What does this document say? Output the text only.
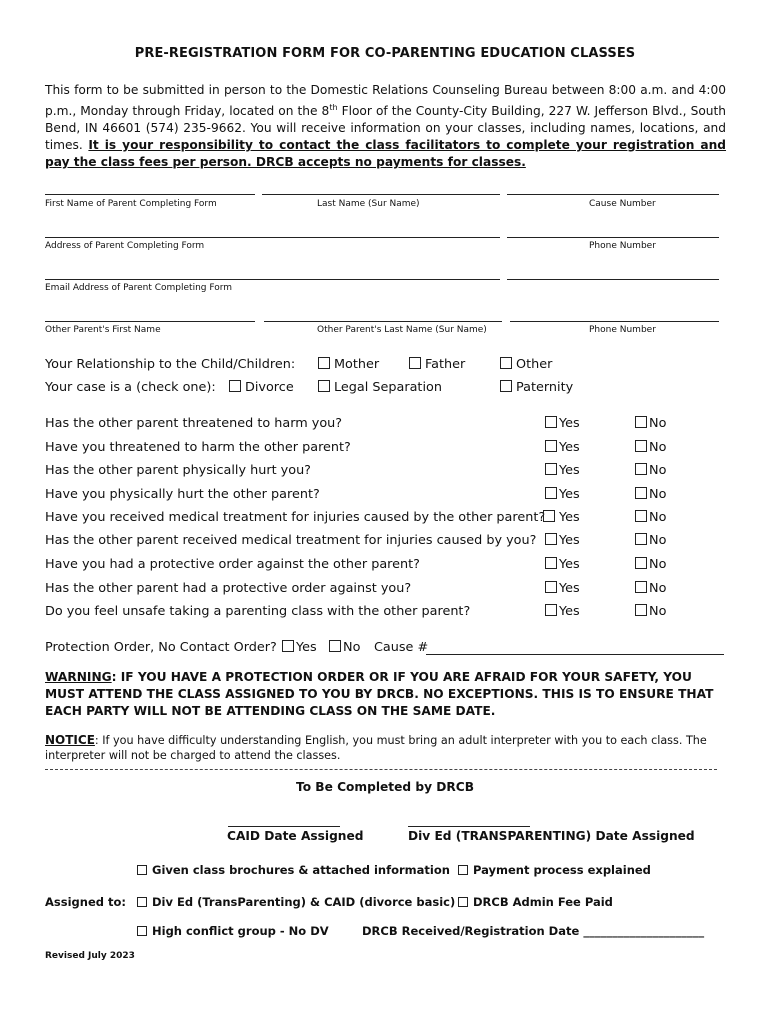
PRE-REGISTRATION FORM FOR CO-PARENTING EDUCATION CLASSES
This form to be submitted in person to the Domestic Relations Counseling Bureau between 8:00 a.m. and 4:00 p.m., Monday through Friday, located on the 8th Floor of the County-City Building, 227 W. Jefferson Blvd., South Bend, IN 46601 (574) 235-9662. You will receive information on your classes, including names, locations, and times. It is your responsibility to contact the class facilitators to complete your registration and pay the class fees per person. DRCB accepts no payments for classes.
First Name of Parent Completing Form	Last Name (Sur Name)	Cause Number
Address of Parent Completing Form	Phone Number
Email Address of Parent Completing Form
Other Parent's First Name	Other Parent's Last Name (Sur Name)	Phone Number
Your Relationship to the Child/Children:	Mother	Father	Other
Your case is a (check one):	Divorce	Legal Separation	Paternity
Has the other parent threatened to harm you?	Yes	No
Have you threatened to harm the other parent?	Yes	No
Has the other parent physically hurt you?	Yes	No
Have you physically hurt the other parent?	Yes	No
Have you received medical treatment for injuries caused by the other parent?	Yes	No
Has the other parent received medical treatment for injuries caused by you?	Yes	No
Have you had a protective order against the other parent?	Yes	No
Has the other parent had a protective order against you?	Yes	No
Do you feel unsafe taking a parenting class with the other parent?	Yes	No
Protection Order, No Contact Order?	Yes	No Cause #
WARNING: IF YOU HAVE A PROTECTION ORDER OR IF YOU ARE AFRAID FOR YOUR SAFETY, YOU MUST ATTEND THE CLASS ASSIGNED TO YOU BY DRCB. NO EXCEPTIONS. THIS IS TO ENSURE THAT EACH PARTY WILL NOT BE ATTENDING CLASS ON THE SAME DATE.
NOTICE: If you have difficulty understanding English, you must bring an adult interpreter with you to each class. The interpreter will not be charged to attend the classes.
To Be Completed by DRCB
CAID Date Assigned	Div Ed (TRANSPARENTING) Date Assigned
Given class brochures & attached information	Payment process explained
Assigned to:	Div Ed (TransParenting) & CAID (divorce basic)	DRCB Admin Fee Paid
High conflict group - No DV	DRCB Received/Registration Date _____________________
Revised July 2023
